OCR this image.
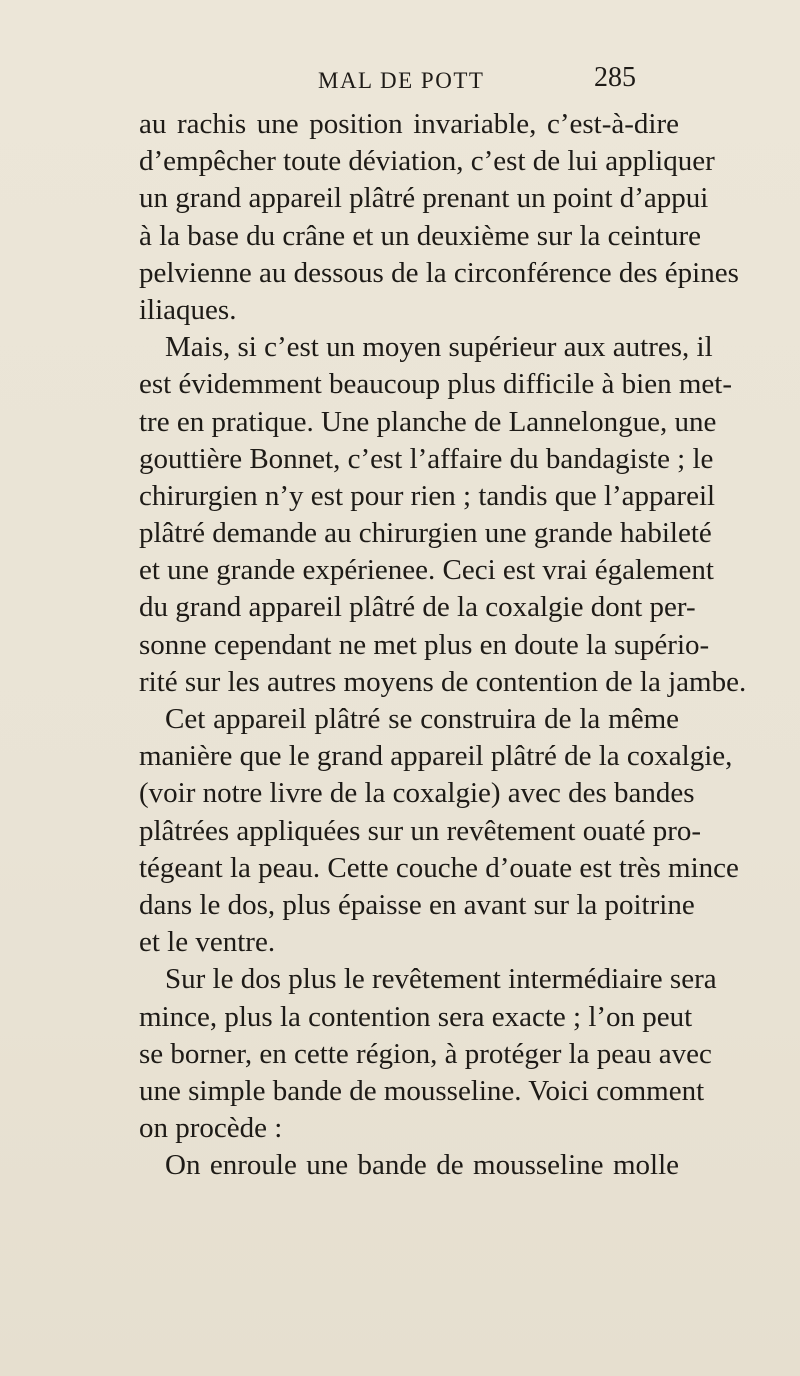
MAL DE POTT	285
au rachis une position invariable, c’est-à-dire
d’empêcher toute déviation, c’est de lui appliquer
un grand appareil plâtré prenant un point d’appui
à la base du crâne et un deuxième sur la ceinture
pelvienne au dessous de la circonférence des épines
iliaques.
Mais, si c’est un moyen supérieur aux autres, il
est évidemment beaucoup plus difficile à bien met-
tre en pratique. Une planche de Lannelongue, une
gouttière Bonnet, c’est l’affaire du bandagiste ; le
chirurgien n’y est pour rien ; tandis que l’appareil
plâtré demande au chirurgien une grande habileté
et une grande expérienee. Ceci est vrai également
du grand appareil plâtré de la coxalgie dont per-
sonne cependant ne met plus en doute la supério-
rité sur les autres moyens de contention de la jambe.
Cet appareil plâtré se construira de la même
manière que le grand appareil plâtré de la coxalgie,
(voir notre livre de la coxalgie) avec des bandes
plâtrées appliquées sur un revêtement ouaté pro-
tégeant la peau. Cette couche d’ouate est très mince
dans le dos, plus épaisse en avant sur la poitrine
et le ventre.
Sur le dos plus le revêtement intermédiaire sera
mince, plus la contention sera exacte ; l’on peut
se borner, en cette région, à protéger la peau avec
une simple bande de mousseline. Voici comment
on procède :
On enroule une bande de mousseline molle
